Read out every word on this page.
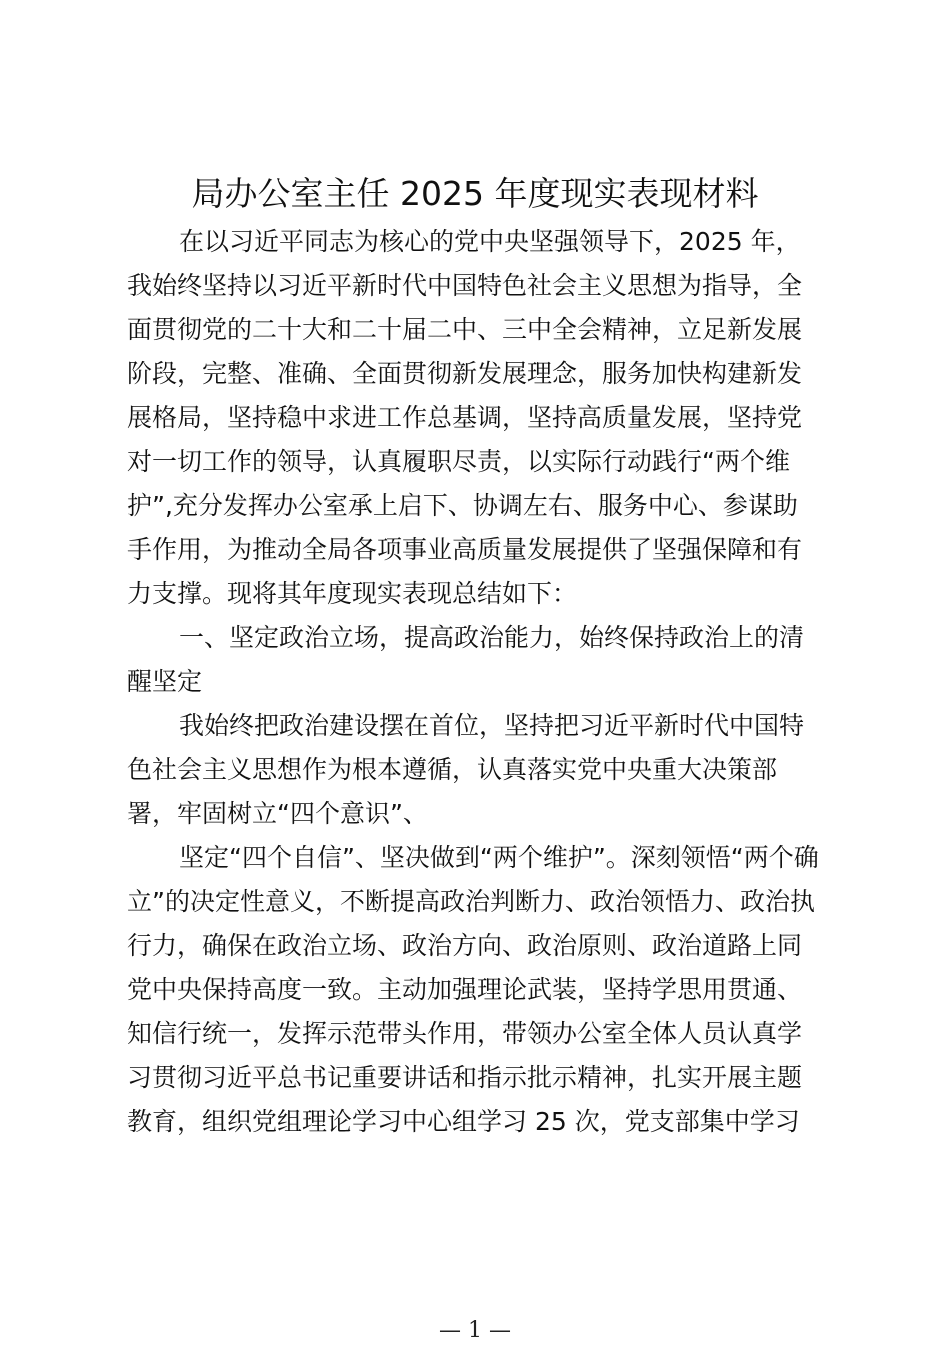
局办公室主任 2025 年度现实表现材料
在以习近平同志为核心的党中央坚强领导下，2025 年，
我始终坚持以习近平新时代中国特色社会主义思想为指导，全
面贯彻党的二十大和二十届二中、三中全会精神，立足新发展
阶段，完整、准确、全面贯彻新发展理念，服务加快构建新发
展格局，坚持稳中求进工作总基调，坚持高质量发展，坚持党
对一切工作的领导，认真履职尽责，以实际行动践行“两个维
护”,充分发挥办公室承上启下、协调左右、服务中心、参谋助
手作用，为推动全局各项事业高质量发展提供了坚强保障和有
力支撑。现将其年度现实表现总结如下：
一、坚定政治立场，提高政治能力，始终保持政治上的清
醒坚定
我始终把政治建设摆在首位，坚持把习近平新时代中国特
色社会主义思想作为根本遵循，认真落实党中央重大决策部
署，牢固树立“四个意识”、
坚定“四个自信”、坚决做到“两个维护”。深刻领悟“两个确
立”的决定性意义，不断提高政治判断力、政治领悟力、政治执
行力，确保在政治立场、政治方向、政治原则、政治道路上同
党中央保持高度一致。主动加强理论武装，坚持学思用贯通、
知信行统一，发挥示范带头作用，带领办公室全体人员认真学
习贯彻习近平总书记重要讲话和指示批示精神，扎实开展主题
教育，组织党组理论学习中心组学习 25 次，党支部集中学习
— 1 —
